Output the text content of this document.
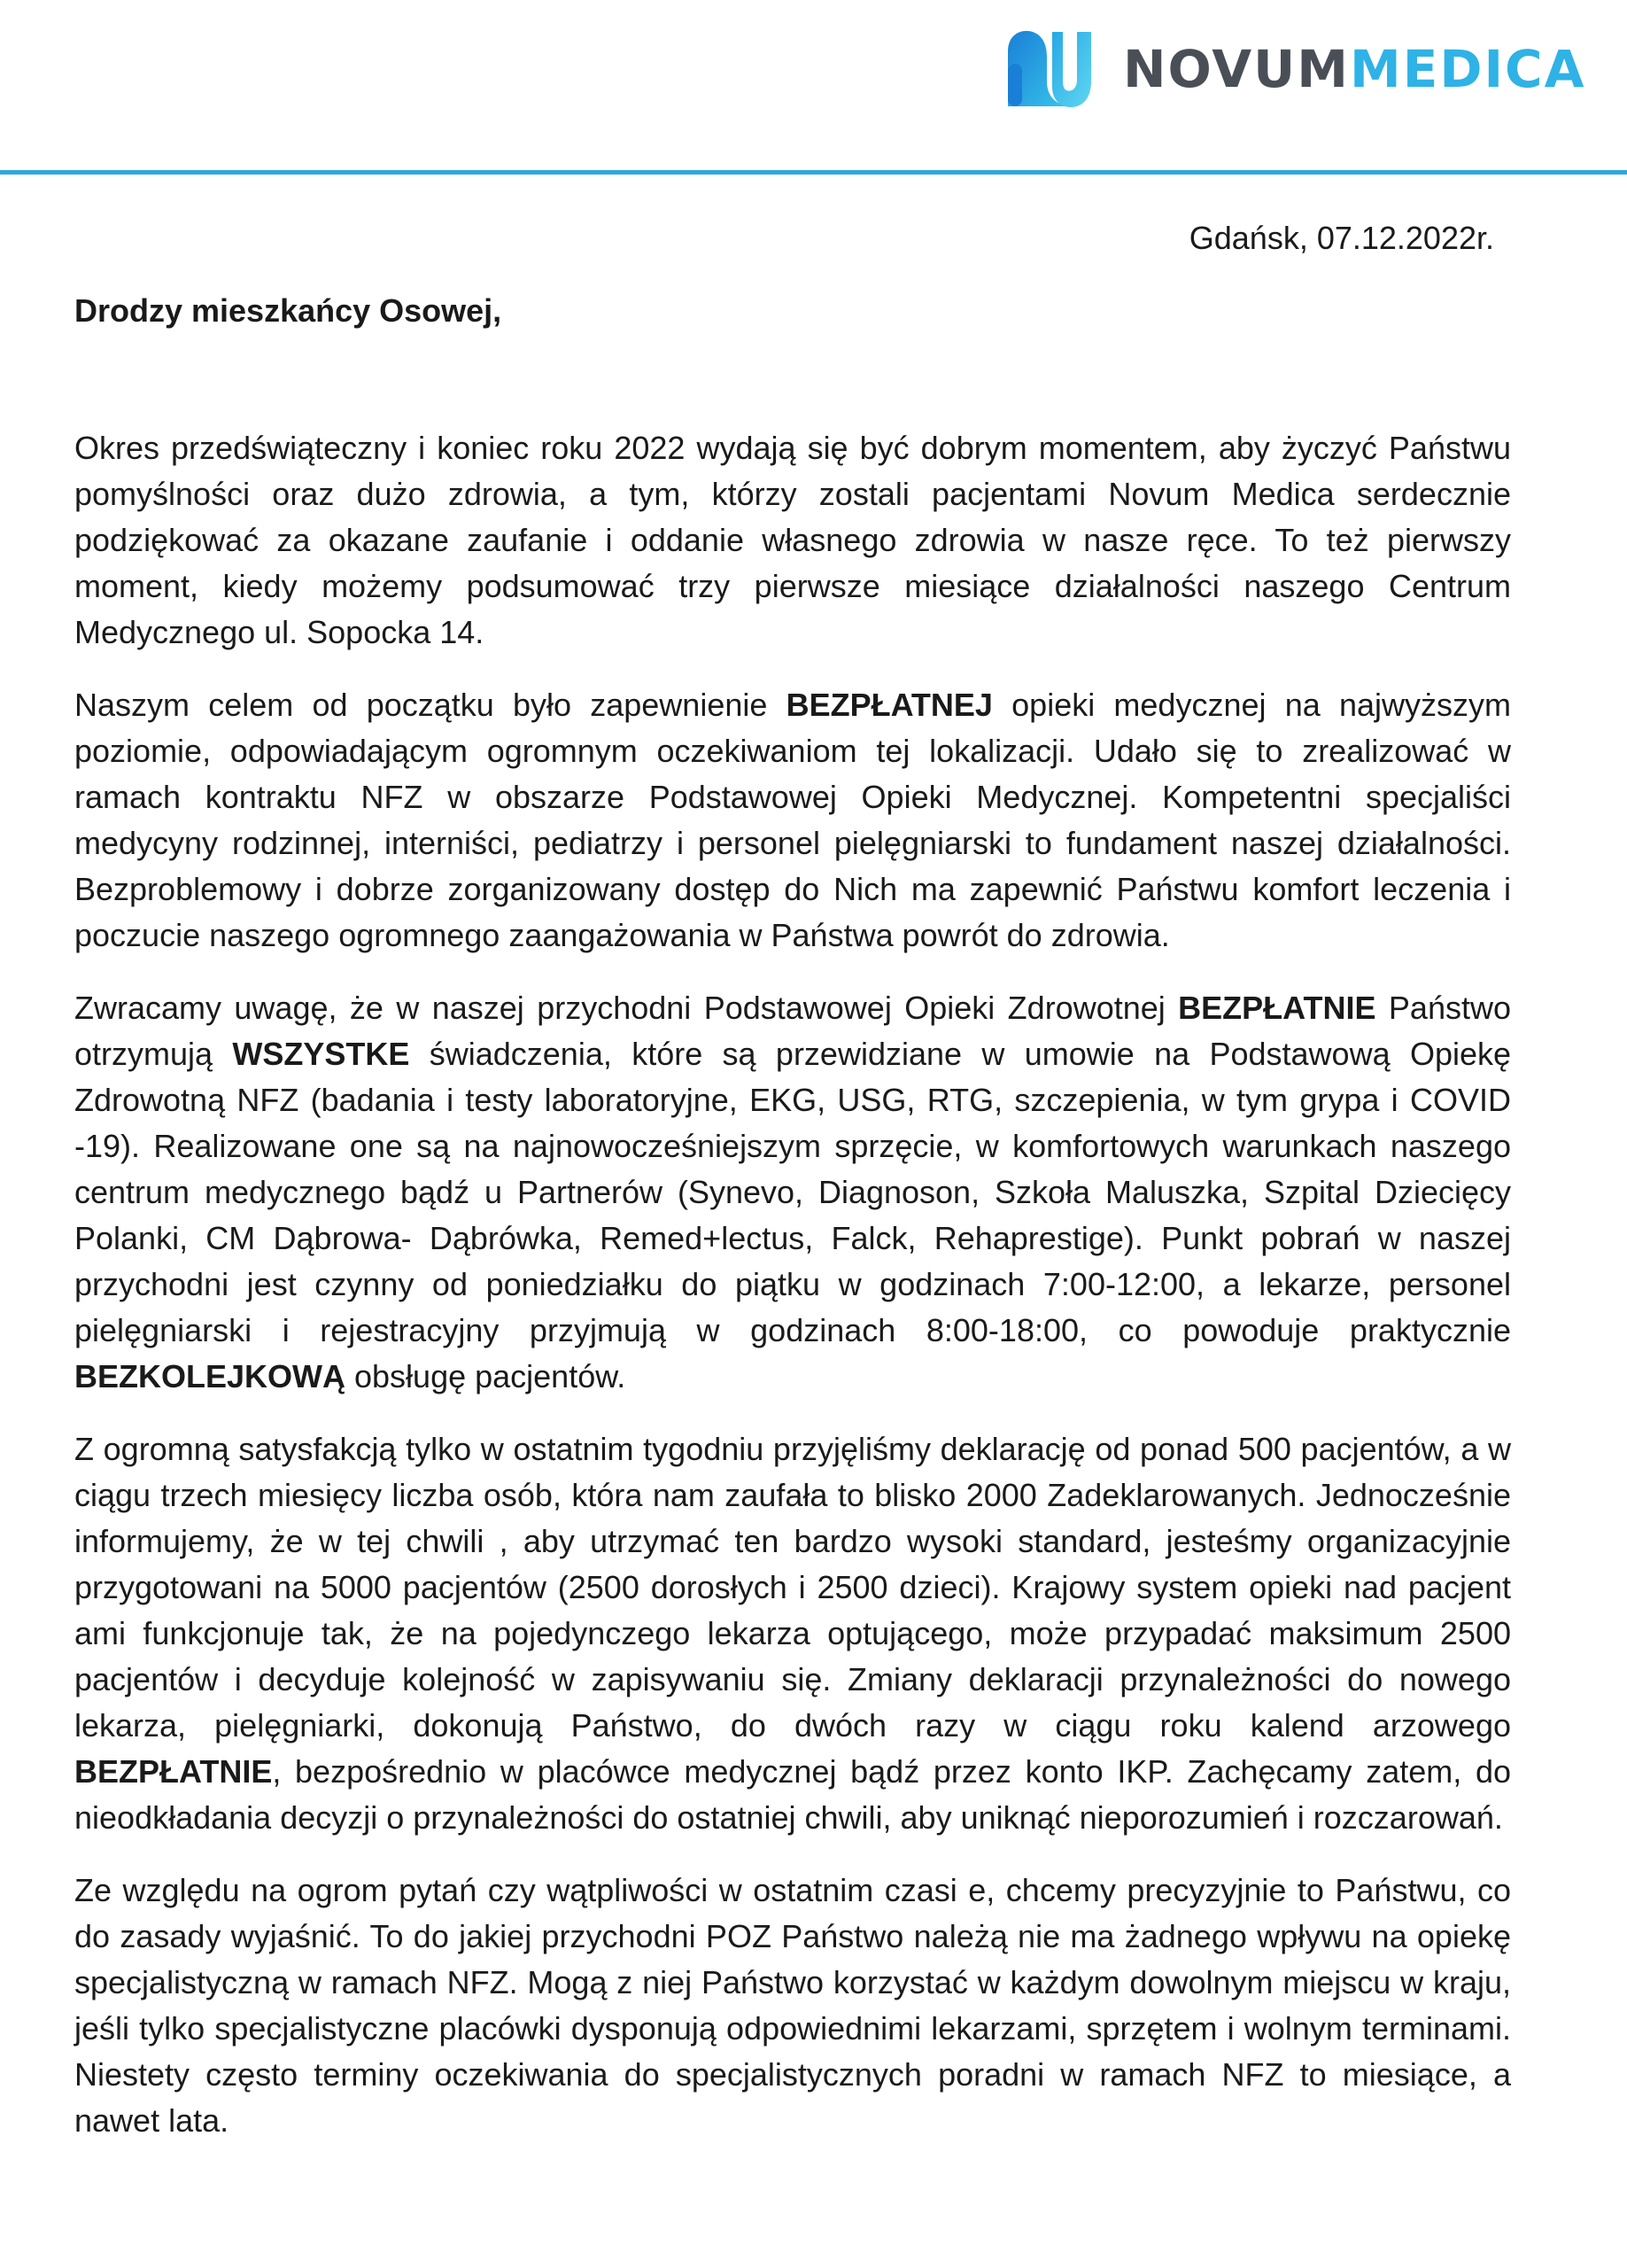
NOVUMMEDICA
Gdańsk, 07.12.2022r.
Drodzy mieszkańcy Osowej,

Okres przedświąteczny i koniec roku 2022 wydają się być dobrym momentem, aby życzyć Państwu pomyślności oraz dużo zdrowia, a tym, którzy zostali pacjentami Novum Medica serdecznie podziękować za okazane zaufanie i oddanie własnego zdrowia w nasze ręce. To też pierwszy moment, kiedy możemy podsumować trzy pierwsze miesiące działalności naszego Centrum Medycznego ul. Sopocka 14.

Naszym celem od początku było zapewnienie BEZPŁATNEJ opieki medycznej na najwyższym poziomie, odpowiadającym ogromnym oczekiwaniom tej lokalizacji. Udało się to zrealizować w ramach kontraktu NFZ w obszarze Podstawowej Opieki Medycznej. Kompetentni specjaliści medycyny rodzinnej, interniści, pediatrzy i personel pielęgniarski to fundament naszej działalności. Bezproblemowy i dobrze zorganizowany dostęp do Nich ma zapewnić Państwu komfort leczenia i poczucie naszego ogromnego zaangażowania w Państwa powrót do zdrowia.

Zwracamy uwagę, że w naszej przychodni Podstawowej Opieki Zdrowotnej BEZPŁATNIE Państwo otrzymują WSZYSTKE świadczenia, które są przewidziane w umowie na Podstawową Opiekę Zdrowotną NFZ (badania i testy laboratoryjne, EKG, USG, RTG, szczepienia, w tym grypa i COVID -19). Realizowane one są na najnowocześniejszym sprzęcie, w komfortowych warunkach naszego centrum medycznego bądź u Partnerów (Synevo, Diagnoson, Szkoła Maluszka, Szpital Dziecięcy Polanki, CM Dąbrowa- Dąbrówka, Remed+lectus, Falck, Rehaprestige). Punkt pobrań w naszej przychodni jest czynny od poniedziałku do piątku w godzinach 7:00-12:00, a lekarze, personel pielęgniarski i rejestracyjny przyjmują w godzinach 8:00-18:00, co powoduje praktycznie BEZKOLEJKOWĄ obsługę pacjentów.

Z ogromną satysfakcją tylko w ostatnim tygodniu przyjęliśmy deklarację od ponad 500 pacjentów, a w ciągu trzech miesięcy liczba osób, która nam zaufała to blisko 2000 Zadeklarowanych. Jednocześnie informujemy, że w tej chwili , aby utrzymać ten bardzo wysoki standard, jesteśmy organizacyjnie przygotowani na 5000 pacjentów (2500 dorosłych i 2500 dzieci). Krajowy system opieki nad pacjent ami funkcjonuje tak, że na pojedynczego lekarza optującego, może przypadać maksimum 2500 pacjentów i decyduje kolejność w zapisywaniu się. Zmiany deklaracji przynależności do nowego lekarza, pielęgniarki, dokonują Państwo, do dwóch razy w ciągu roku kalend arzowego BEZPŁATNIE, bezpośrednio w placówce medycznej bądź przez konto IKP. Zachęcamy zatem, do nieodkładania decyzji o przynależności do ostatniej chwili, aby uniknąć nieporozumień i rozczarowań.

Ze względu na ogrom pytań czy wątpliwości w ostatnim czasi e, chcemy precyzyjnie to Państwu, co do zasady wyjaśnić. To do jakiej przychodni POZ Państwo należą nie ma żadnego wpływu na opiekę specjalistyczną w ramach NFZ. Mogą z niej Państwo korzystać w każdym dowolnym miejscu w kraju, jeśli tylko specjalistyczne placówki dysponują odpowiednimi lekarzami, sprzętem i wolnym terminami. Niestety często terminy oczekiwania do specjalistycznych poradni w ramach NFZ to miesiące, a nawet lata.
